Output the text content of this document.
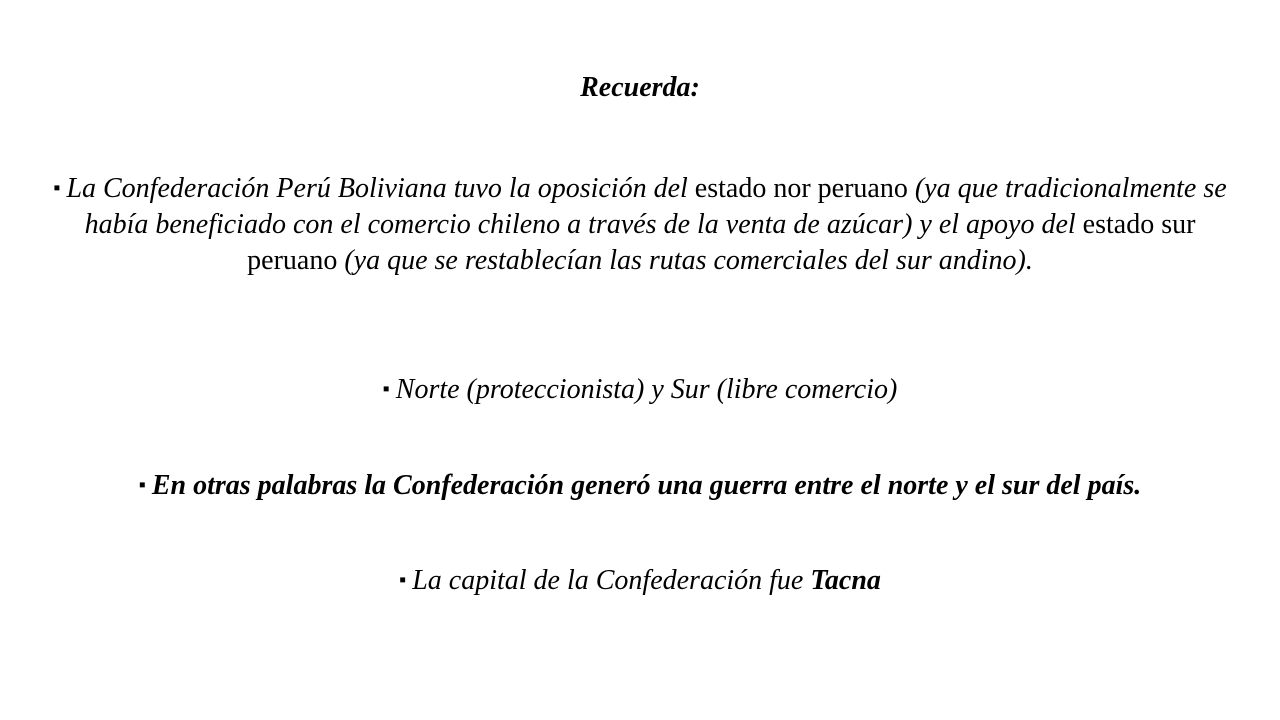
Recuerda:

▪ La Confederación Perú Boliviana tuvo la oposición del estado nor peruano (ya que tradicionalmente se había beneficiado con el comercio chileno a través de la venta de azúcar) y el apoyo del estado sur peruano (ya que se restablecían las rutas comerciales del sur andino).

▪ Norte (proteccionista) y Sur (libre comercio)

▪ En otras palabras la Confederación generó una guerra entre el norte y el sur del país.

▪ La capital de la Confederación fue Tacna
